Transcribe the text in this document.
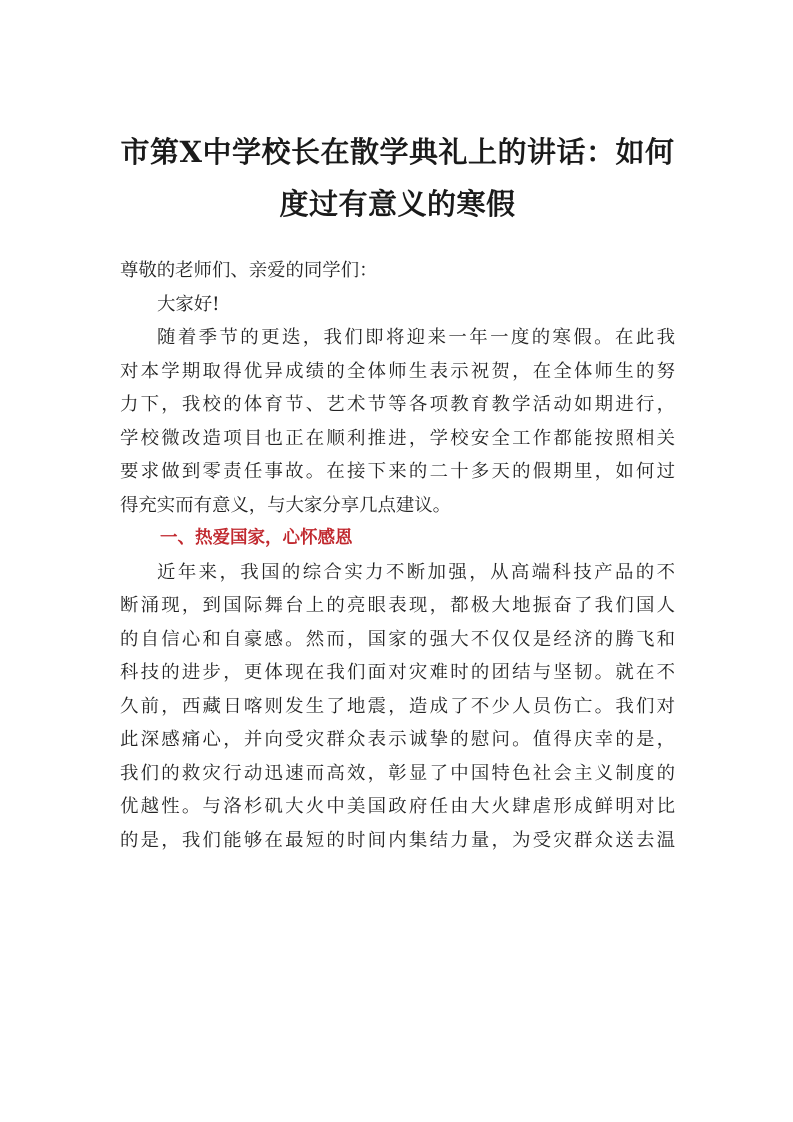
市第X中学校长在散学典礼上的讲话：如何
度过有意义的寒假
尊敬的老师们、亲爱的同学们：
大家好!
随着季节的更迭，我们即将迎来一年一度的寒假。在此我
对本学期取得优异成绩的全体师生表示祝贺，在全体师生的努
力下，我校的体育节、艺术节等各项教育教学活动如期进行，
学校微改造项目也正在顺利推进，学校安全工作都能按照相关
要求做到零责任事故。在接下来的二十多天的假期里，如何过
得充实而有意义，与大家分享几点建议。
一、热爱国家，心怀感恩
近年来，我国的综合实力不断加强，从高端科技产品的不
断涌现，到国际舞台上的亮眼表现，都极大地振奋了我们国人
的自信心和自豪感。然而，国家的强大不仅仅是经济的腾飞和
科技的进步，更体现在我们面对灾难时的团结与坚韧。就在不
久前，西藏日喀则发生了地震，造成了不少人员伤亡。我们对
此深感痛心，并向受灾群众表示诚挚的慰问。值得庆幸的是，
我们的救灾行动迅速而高效，彰显了中国特色社会主义制度的
优越性。与洛杉矶大火中美国政府任由大火肆虐形成鲜明对比
的是，我们能够在最短的时间内集结力量，为受灾群众送去温
